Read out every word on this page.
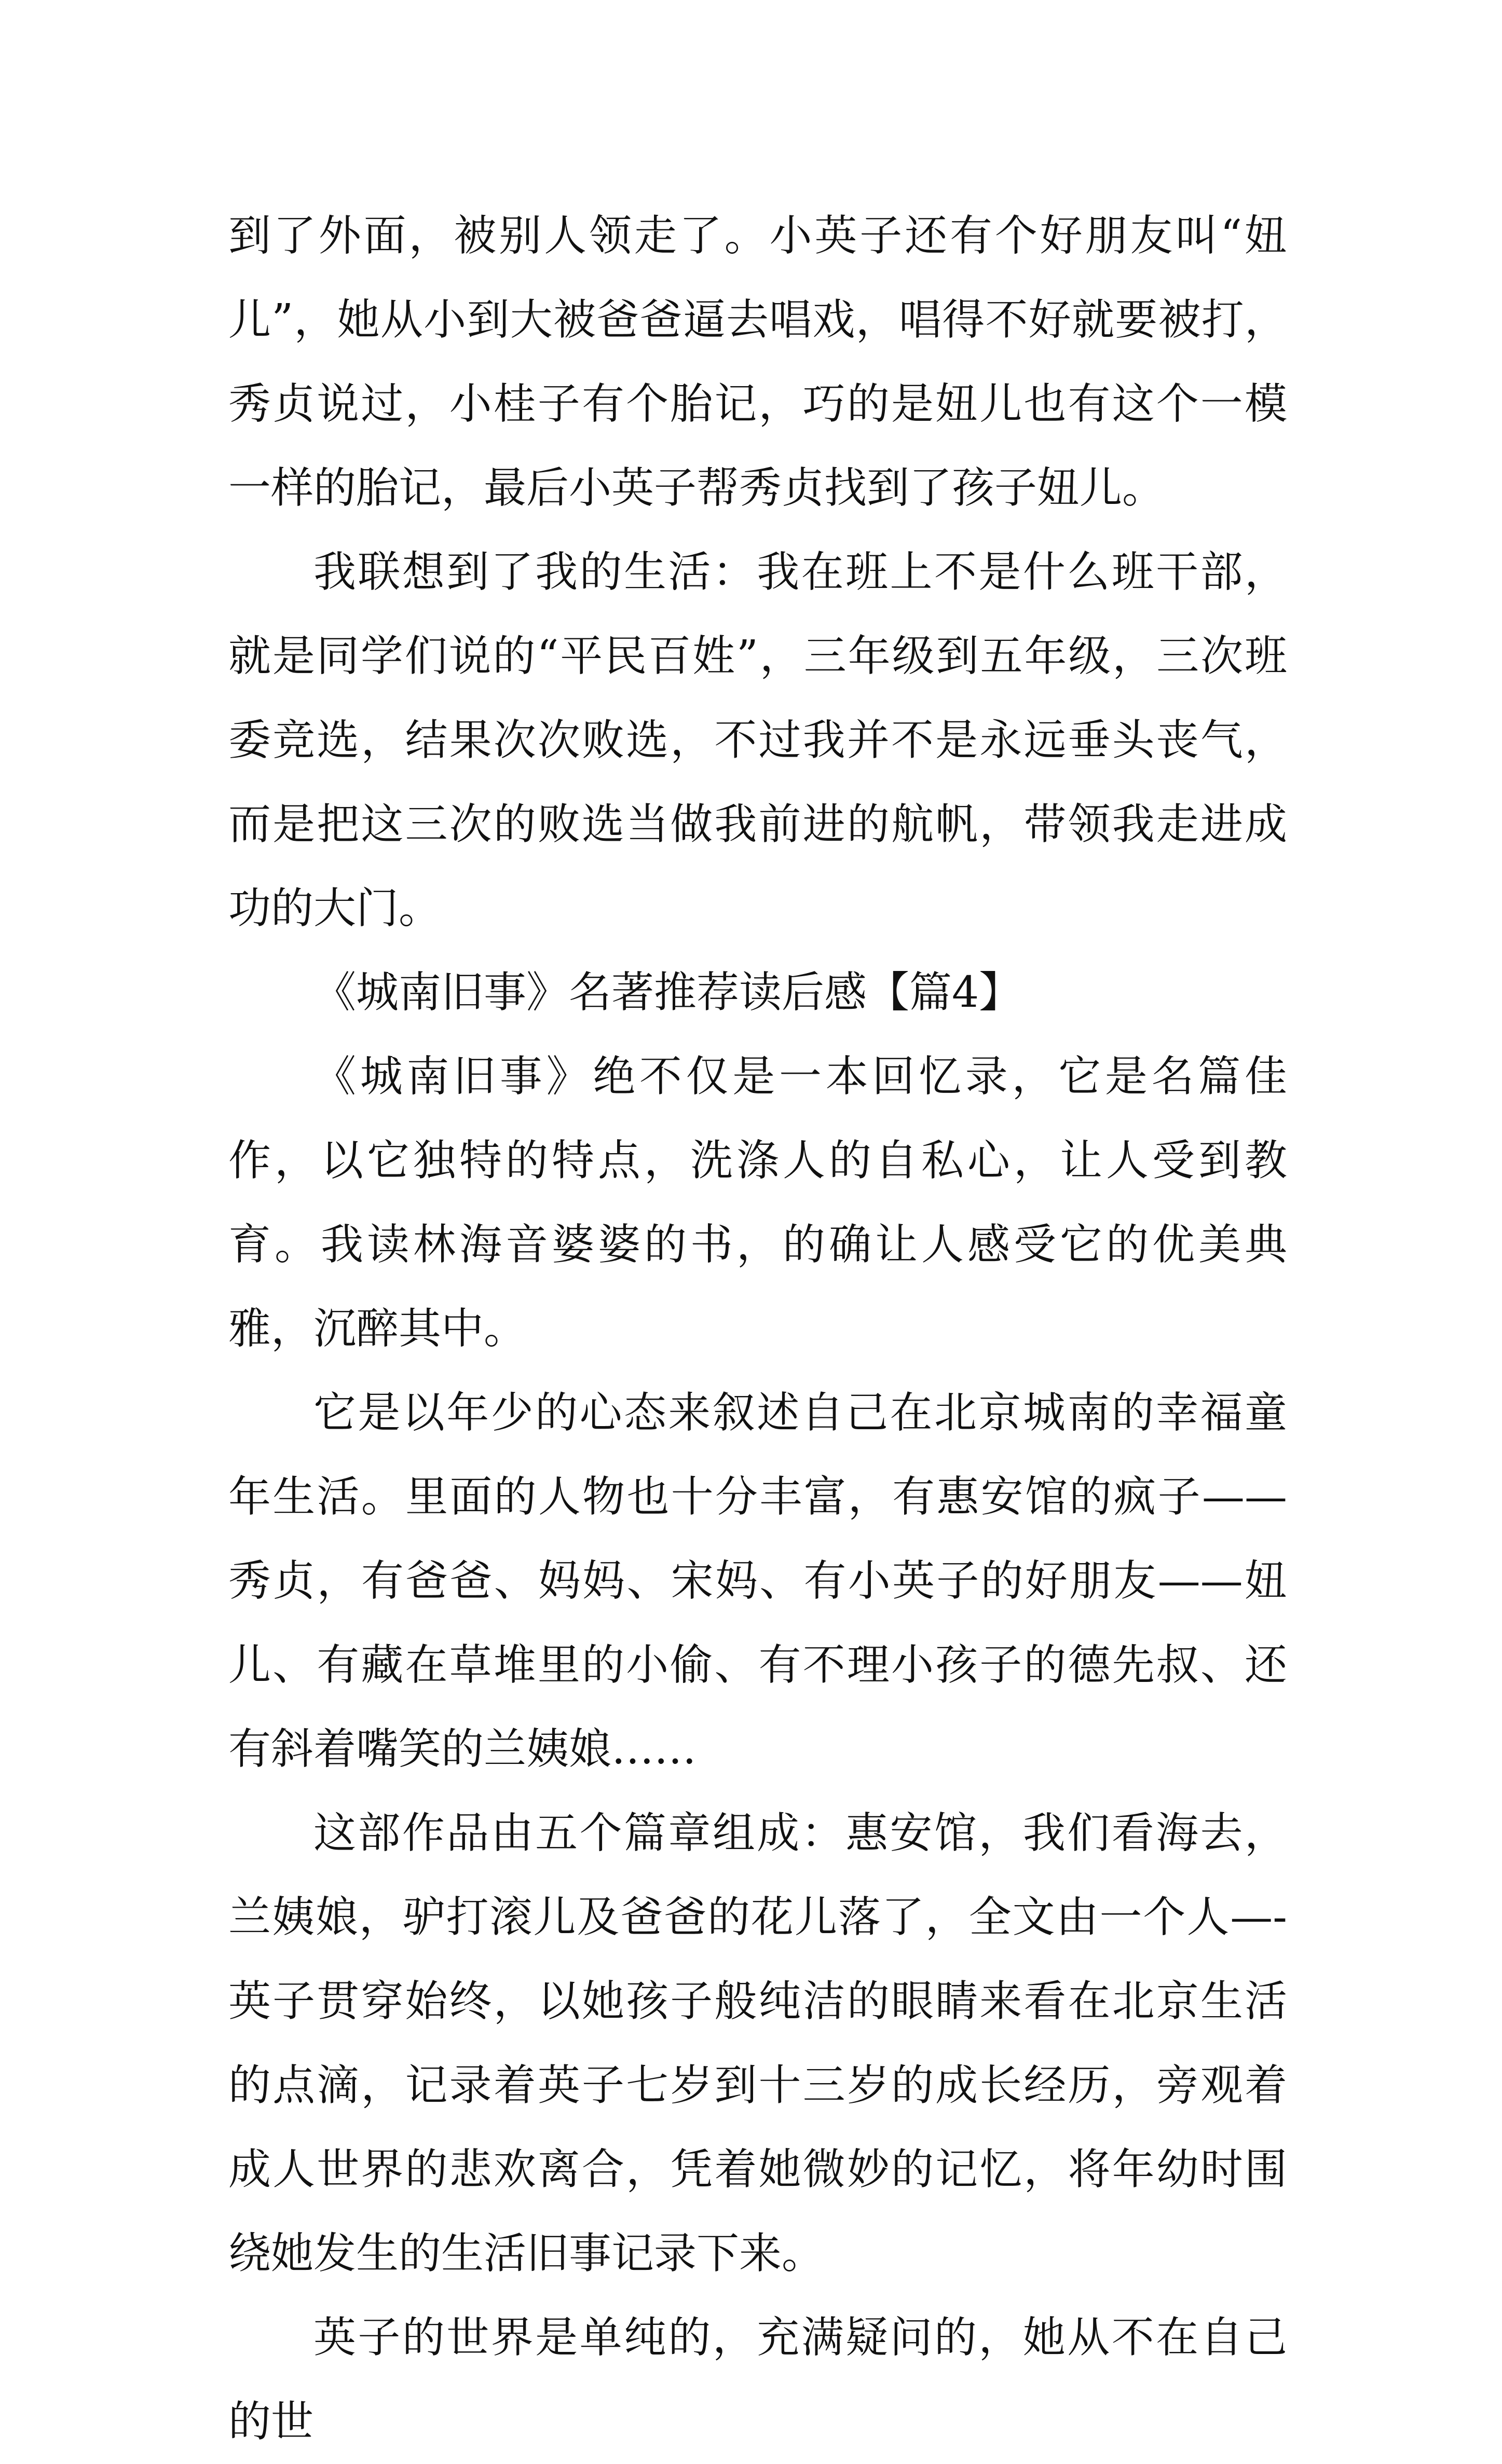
到了外面，被别人领走了。小英子还有个好朋友叫“妞儿”，她从小到大被爸爸逼去唱戏，唱得不好就要被打，秀贞说过，小桂子有个胎记，巧的是妞儿也有这个一模一样的胎记，最后小英子帮秀贞找到了孩子妞儿。

我联想到了我的生活：我在班上不是什么班干部，就是同学们说的“平民百姓”，三年级到五年级，三次班委竞选，结果次次败选，不过我并不是永远垂头丧气，而是把这三次的败选当做我前进的航帆，带领我走进成功的大门。

《城南旧事》名著推荐读后感【篇4】

《城南旧事》绝不仅是一本回忆录，它是名篇佳作，以它独特的特点，洗涤人的自私心，让人受到教育。我读林海音婆婆的书，的确让人感受它的优美典雅，沉醉其中。

它是以年少的心态来叙述自己在北京城南的幸福童年生活。里面的人物也十分丰富，有惠安馆的疯子——秀贞，有爸爸、妈妈、宋妈、有小英子的好朋友——妞儿、有藏在草堆里的小偷、有不理小孩子的德先叔、还有斜着嘴笑的兰姨娘……

这部作品由五个篇章组成：惠安馆，我们看海去，兰姨娘，驴打滚儿及爸爸的花儿落了，全文由一个人—-英子贯穿始终，以她孩子般纯洁的眼睛来看在北京生活的点滴，记录着英子七岁到十三岁的成长经历，旁观着成人世界的悲欢离合，凭着她微妙的记忆，将年幼时围绕她发生的生活旧事记录下来。

英子的世界是单纯的，充满疑问的，她从不在自己的世
